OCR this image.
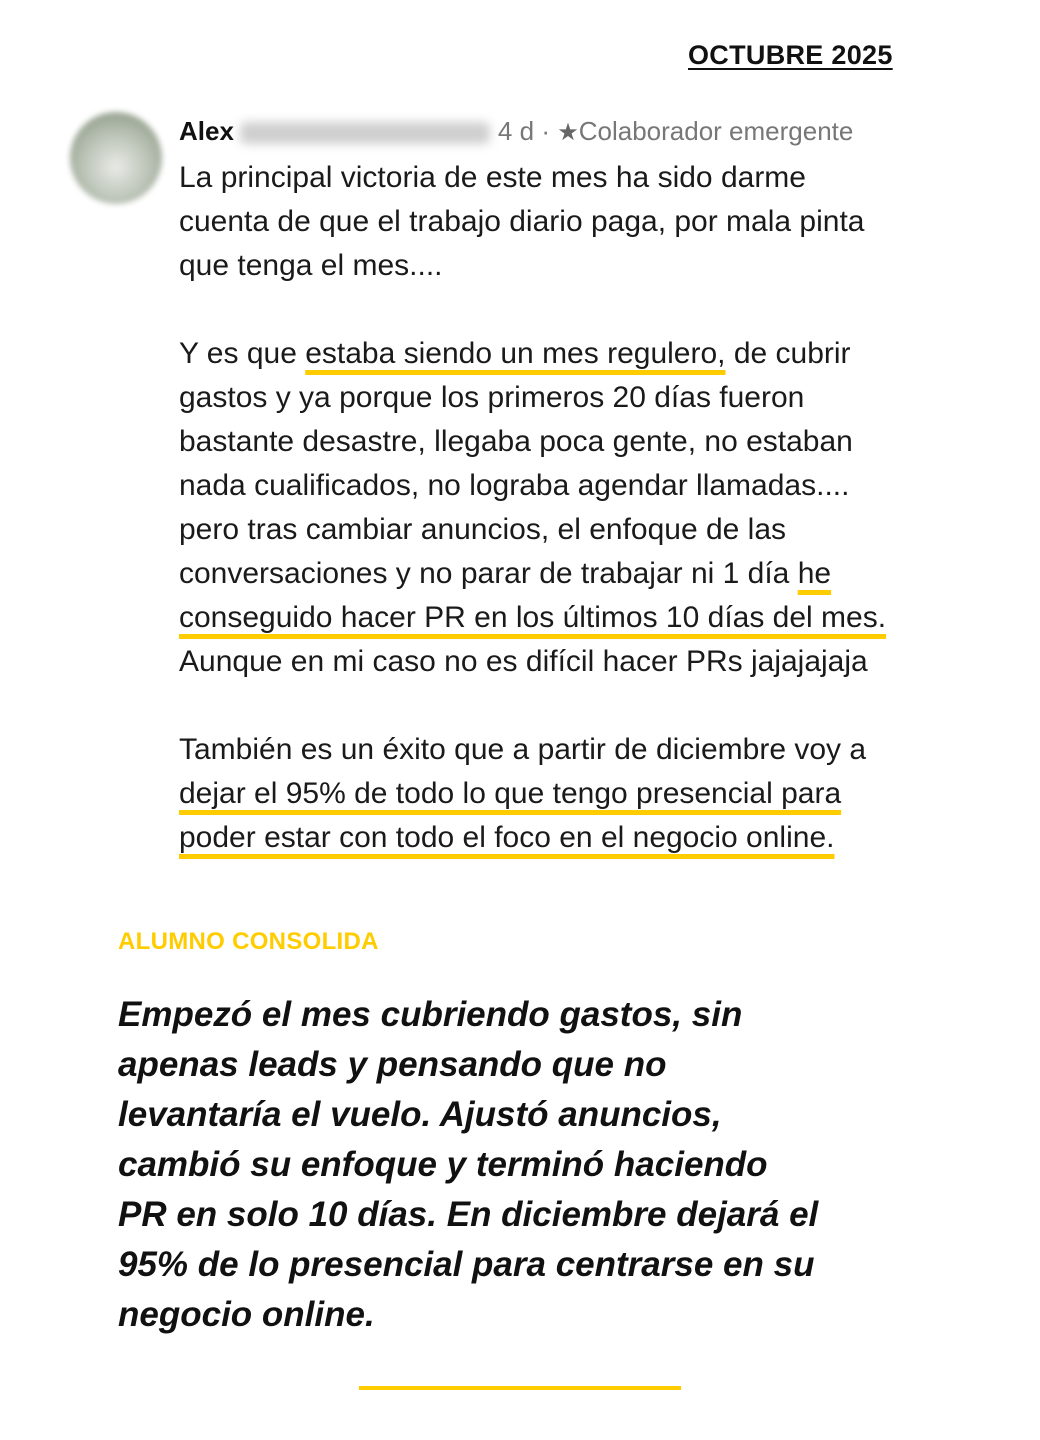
OCTUBRE 2025
Alex	4 d · ★Colaborador emergente
La principal victoria de este mes ha sido darme
cuenta de que el trabajo diario paga, por mala pinta
que tenga el mes....
Y es que estaba siendo un mes regulero, de cubrir
gastos y ya porque los primeros 20 días fueron
bastante desastre, llegaba poca gente, no estaban
nada cualificados, no lograba agendar llamadas....
pero tras cambiar anuncios, el enfoque de las
conversaciones y no parar de trabajar ni 1 día he
conseguido hacer PR en los últimos 10 días del mes.
Aunque en mi caso no es difícil hacer PRs jajajajaja
También es un éxito que a partir de diciembre voy a
dejar el 95% de todo lo que tengo presencial para
poder estar con todo el foco en el negocio online.
ALUMNO CONSOLIDA
Empezó el mes cubriendo gastos, sin
apenas leads y pensando que no
levantaría el vuelo. Ajustó anuncios,
cambió su enfoque y terminó haciendo
PR en solo 10 días. En diciembre dejará el
95% de lo presencial para centrarse en su
negocio online.
